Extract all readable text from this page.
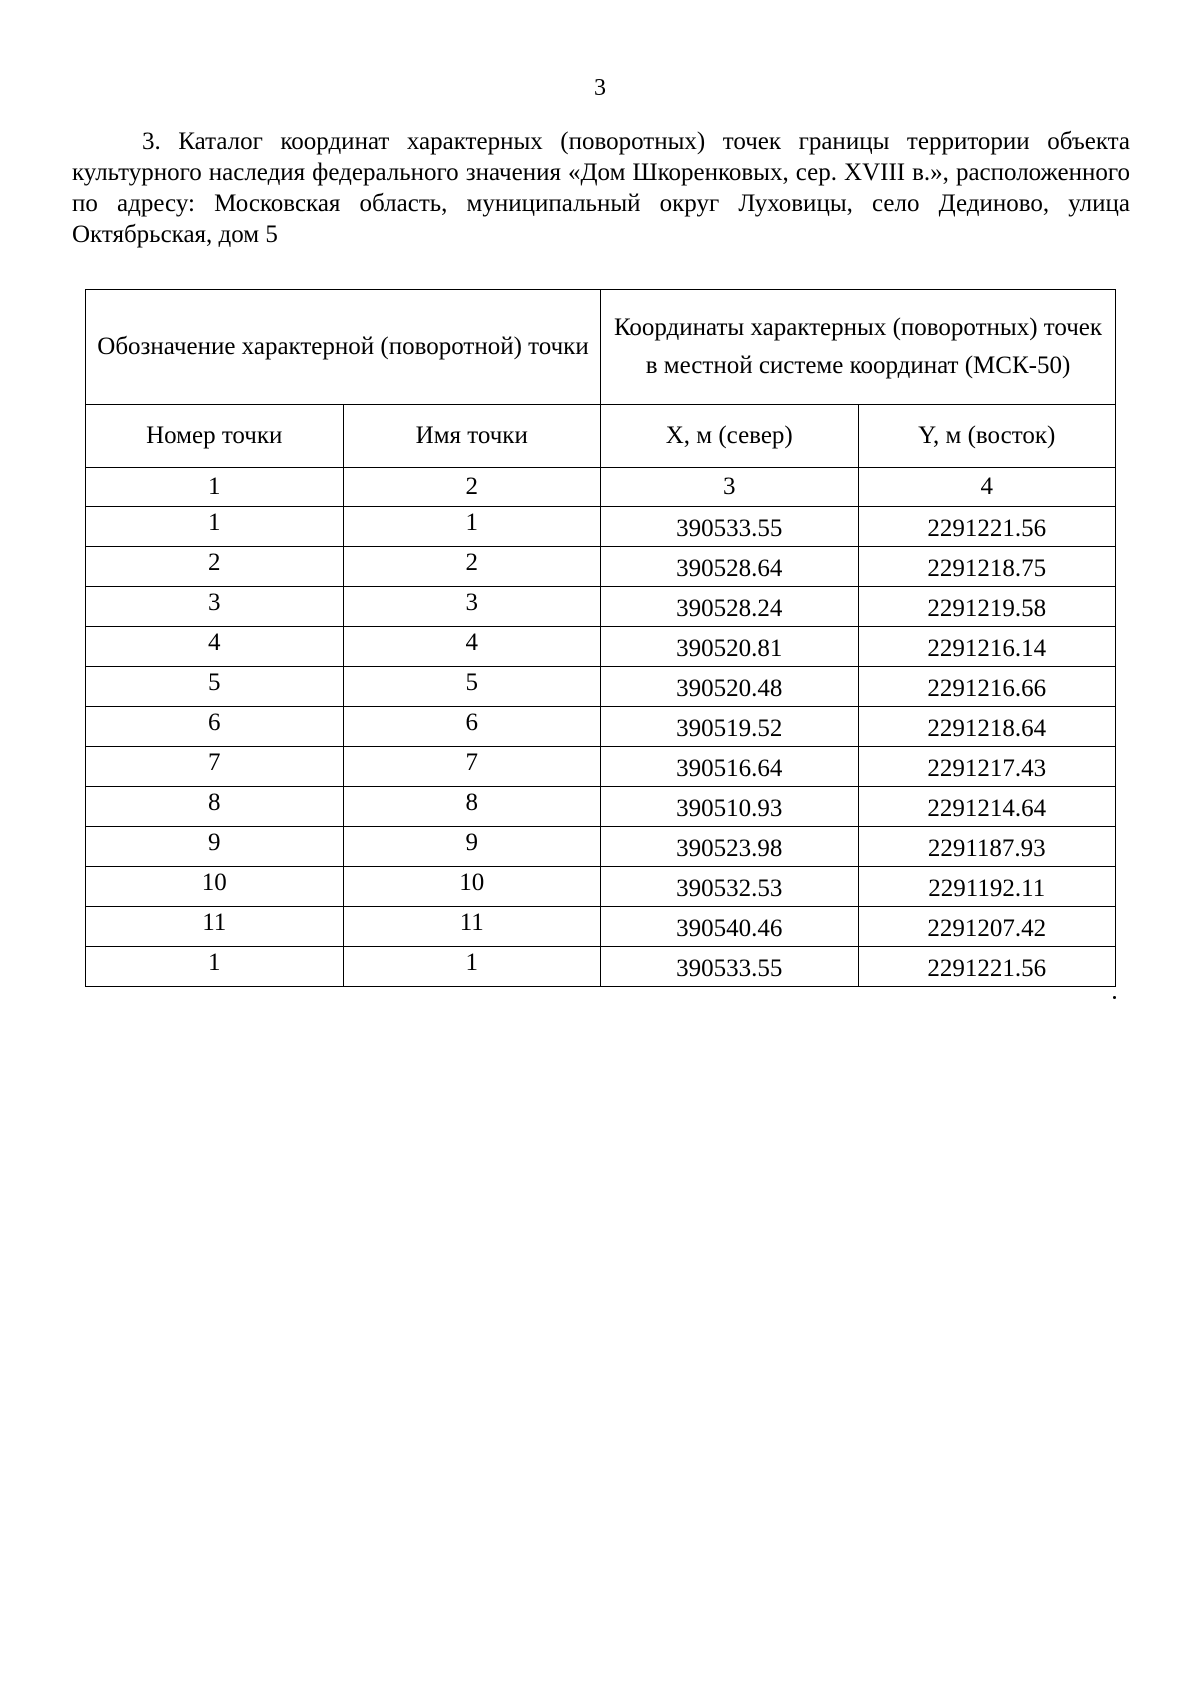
3

3. Каталог координат характерных (поворотных) точек границы территории объекта культурного наследия федерального значения «Дом Шкоренковых, сер. XVIII в.», расположенного по адресу: Московская область, муниципальный округ Луховицы, село Дединово, улица Октябрьская, дом 5

Обозначение характерной (поворотной) точки		Координаты характерных (поворотных) точек в местной системе координат (МСК-50)	
Номер точки	Имя точки	X, м (север)	Y, м (восток)
1	2	3	4
1	1	390533.55	2291221.56
2	2	390528.64	2291218.75
3	3	390528.24	2291219.58
4	4	390520.81	2291216.14
5	5	390520.48	2291216.66
6	6	390519.52	2291218.64
7	7	390516.64	2291217.43
8	8	390510.93	2291214.64
9	9	390523.98	2291187.93
10	10	390532.53	2291192.11
11	11	390540.46	2291207.42
1	1	390533.55	2291221.56
